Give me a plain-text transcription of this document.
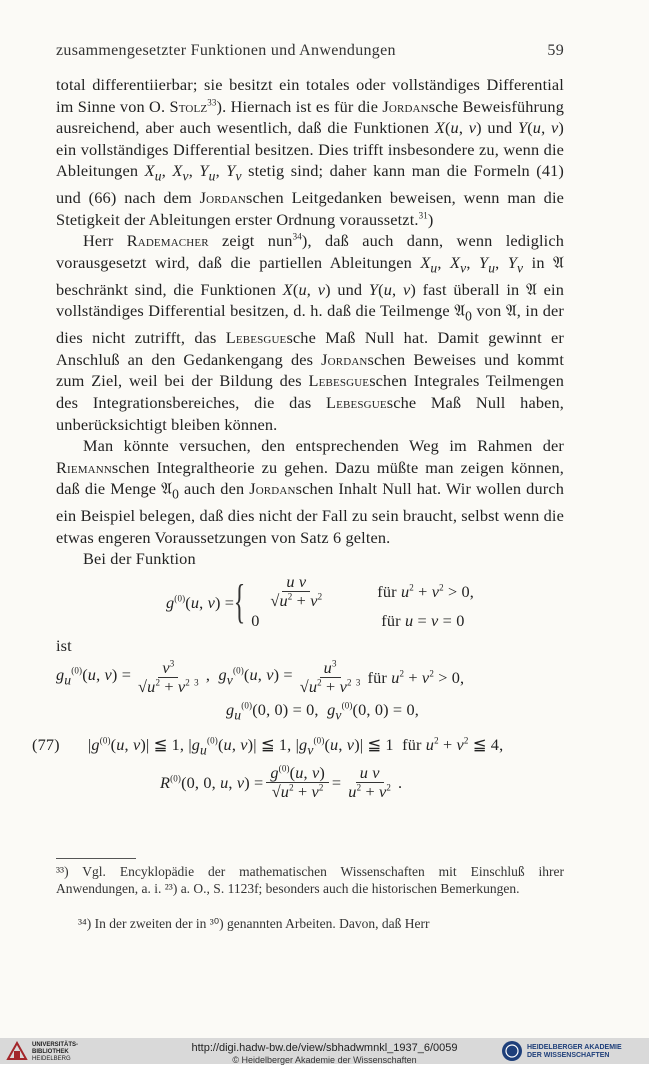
zusammengesetzter Funktionen und Anwendungen	59

total differentiierbar; sie besitzt ein totales oder vollständiges Differential im Sinne von O. Stolz$^{33}$). Hiernach ist es für die Jordansche Beweisführung ausreichend, aber auch wesentlich, daß die Funktionen X(u, v) und Y(u, v) ein vollständiges Differential besitzen. Dies trifft insbesondere zu, wenn die Ableitungen $X_u$, $X_v$, $Y_u$, $Y_v$ stetig sind; daher kann man die Formeln (41) und (66) nach dem Jordanschen Leitgedanken beweisen, wenn man die Stetigkeit der Ableitungen erster Ordnung voraussetzt.$^{31}$)

Herr Rademacher zeigt nun$^{34}$), daß auch dann, wenn lediglich vorausgesetzt wird, daß die partiellen Ableitungen $X_u$, $X_v$, $Y_u$, $Y_v$ in 𝔄 beschränkt sind, die Funktionen X(u, v) und Y(u, v) fast überall in 𝔄 ein vollständiges Differential besitzen, d. h. daß die Teilmenge 𝔄$_0$ von 𝔄, in der dies nicht zutrifft, das Lebesguesche Maß Null hat. Damit gewinnt er Anschluß an den Gedankengang des Jordanschen Beweises und kommt zum Ziel, weil bei der Bildung des Lebesgueschen Integrales Teilmengen des Integrationsbereiches, die das Lebesguesche Maß Null haben, unberücksichtigt bleiben können.

Man könnte versuchen, den entsprechenden Weg im Rahmen der Riemannschen Integraltheorie zu gehen. Dazu müßte man zeigen können, daß die Menge 𝔄$_0$ auch den Jordanschen Inhalt Null hat. Wir wollen durch ein Beispiel belegen, daß dies nicht der Fall zu sein braucht, selbst wenn die etwas engeren Voraussetzungen von Satz 6 gelten.

Bei der Funktion

$g^{(0)}(u$, v) = { $\frac{\text{u v}}{√u^2 + v^2}$ für $u^2 + v^2 > 0$,
0	für u = v = 0

ist

$g_u^{(0)}(u$, $v) = \frac{v^3}{√u^2 + v^2 ^3}$ ,  $g_v^{(0)}(u$, $v) = \frac{u^3}{√u^2 + v^2 ^3}$ für $u^2 + v^2 > 0$,
$g_u^{(0)}(0$, 0) = 0,  $g_v^{(0)}(0$, 0) = 0,
(77) $|g^{(0)}(u$, v)| ≦ 1, $|g_u^{(0)}(u$, v)| ≦ 1, $|g_v^{(0)}(u$, v)| ≦ 1  für $u^2 + v^2$ ≦ 4,
$R^{(0)}(0$, 0, u, $v) = \frac{g^{(0)}(u, v)}{√u^2 + v^2} = \frac{\text{u v}}{u^2 + v^2}$ .
³³) Vgl. Encyklopädie der mathematischen Wissenschaften mit Einschluß ihrer Anwendungen, a. i. ²³) a. O., S. 1123f; besonders auch die historischen Bemerkungen.
³⁴) In der zweiten der in ³⁰) genannten Arbeiten. Davon, daß Herr
http://digi.hadw-bw.de/view/sbhadwmnkl_1937_6/0059
© Heidelberger Akademie der Wissenschaften
UNIVERSITÄTS-
BIBLIOTHEK
HEIDELBERG
HEIDELBERGER AKADEMIE
DER WISSENSCHAFTEN
